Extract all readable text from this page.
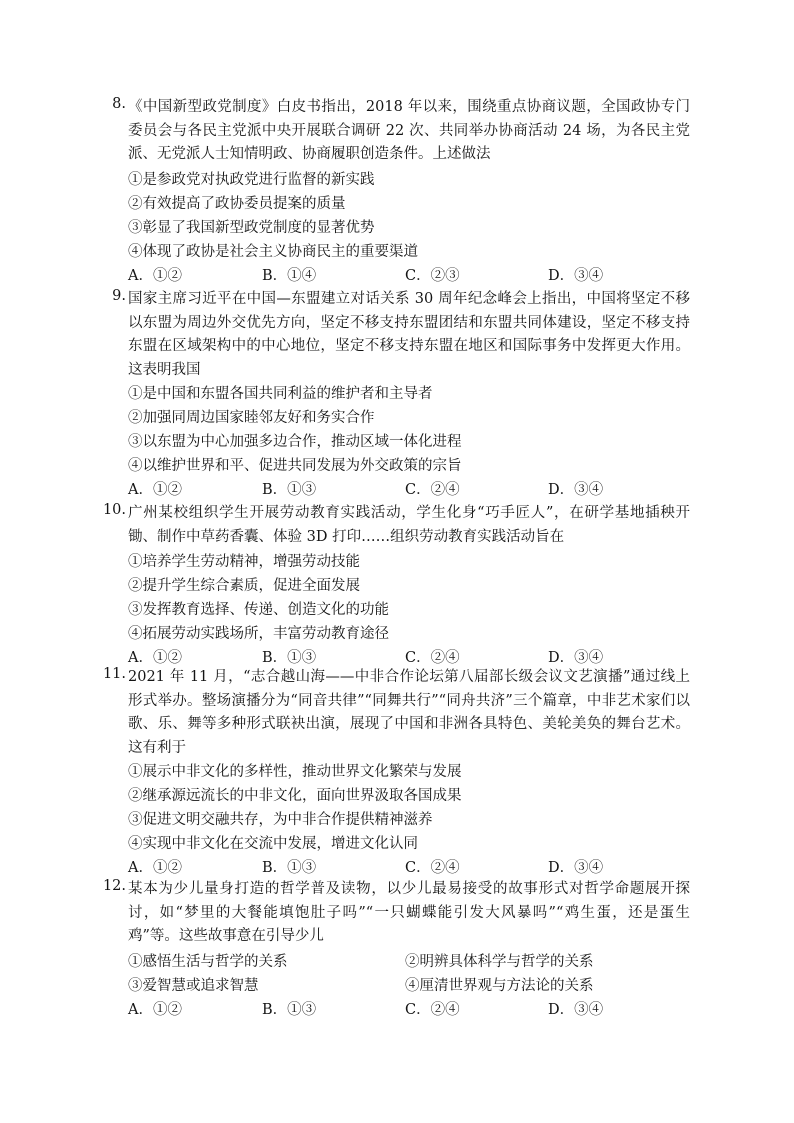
8. 《中国新型政党制度》白皮书指出，2018 年以来，围绕重点协商议题，全国政协专门委员会与各民主党派中央开展联合调研 22 次、共同举办协商活动 24 场，为各民主党派、无党派人士知情明政、协商履职创造条件。上述做法
①是参政党对执政党进行监督的新实践
②有效提高了政协委员提案的质量
③彰显了我国新型政党制度的显著优势
④体现了政协是社会主义协商民主的重要渠道
A．①②	B．①④	C．②③	D．③④
9. 国家主席习近平在中国—东盟建立对话关系 30 周年纪念峰会上指出，中国将坚定不移以东盟为周边外交优先方向，坚定不移支持东盟团结和东盟共同体建设，坚定不移支持东盟在区域架构中的中心地位，坚定不移支持东盟在地区和国际事务中发挥更大作用。这表明我国
①是中国和东盟各国共同利益的维护者和主导者
②加强同周边国家睦邻友好和务实合作
③以东盟为中心加强多边合作，推动区域一体化进程
④以维护世界和平、促进共同发展为外交政策的宗旨
A．①②	B．①③	C．②④	D．③④
10. 广州某校组织学生开展劳动教育实践活动，学生化身“巧手匠人”，在研学基地插秧开锄、制作中草药香囊、体验 3D 打印……组织劳动教育实践活动旨在
①培养学生劳动精神，增强劳动技能
②提升学生综合素质，促进全面发展
③发挥教育选择、传递、创造文化的功能
④拓展劳动实践场所，丰富劳动教育途径
A．①②	B．①③	C．②④	D．③④
11. 2021 年 11 月，“志合越山海——中非合作论坛第八届部长级会议文艺演播”通过线上形式举办。整场演播分为“同音共律”“同舞共行”“同舟共济”三个篇章，中非艺术家们以歌、乐、舞等多种形式联袂出演，展现了中国和非洲各具特色、美轮美奂的舞台艺术。这有利于
①展示中非文化的多样性，推动世界文化繁荣与发展
②继承源远流长的中非文化，面向世界汲取各国成果
③促进文明交融共存，为中非合作提供精神滋养
④实现中非文化在交流中发展，增进文化认同
A．①②	B．①③	C．②④	D．③④
12. 某本为少儿量身打造的哲学普及读物，以少儿最易接受的故事形式对哲学命题展开探讨，如“梦里的大餐能填饱肚子吗”“一只蝴蝶能引发大风暴吗”“鸡生蛋，还是蛋生鸡”等。这些故事意在引导少儿
①感悟生活与哲学的关系	②明辨具体科学与哲学的关系
③爱智慧或追求智慧	④厘清世界观与方法论的关系
A．①②	B．①③	C．②④	D．③④
